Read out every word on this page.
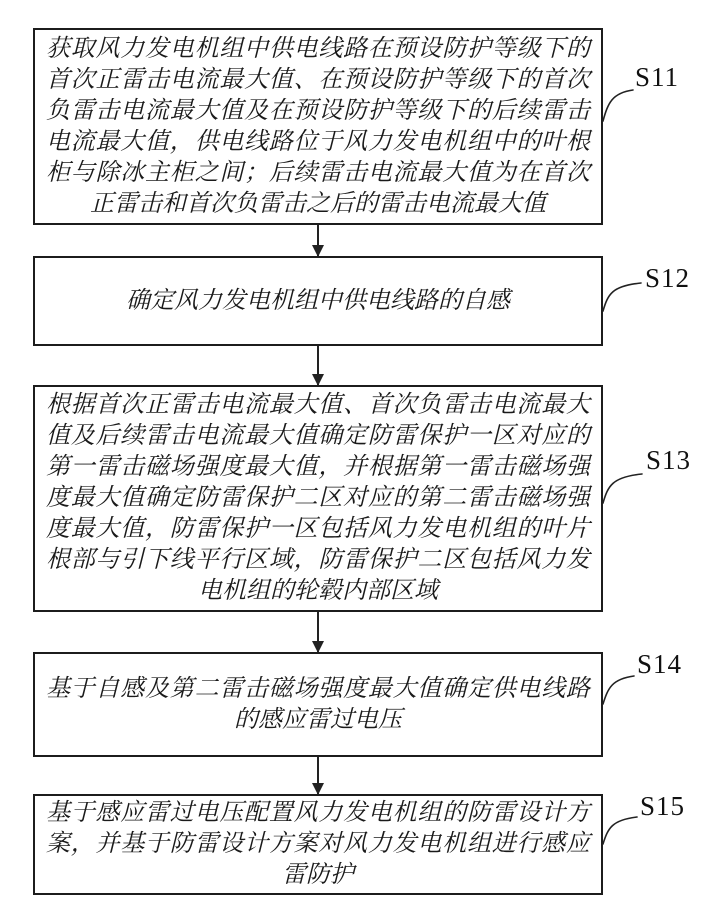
获取风力发电机组中供电线路在预设防护等级下的首次正雷击电流最大值、在预设防护等级下的首次负雷击电流最大值及在预设防护等级下的后续雷击电流最大值，供电线路位于风力发电机组中的叶根柜与除冰主柜之间；后续雷击电流最大值为在首次正雷击和首次负雷击之后的雷击电流最大值
确定风力发电机组中供电线路的自感
根据首次正雷击电流最大值、首次负雷击电流最大值及后续雷击电流最大值确定防雷保护一区对应的第一雷击磁场强度最大值，并根据第一雷击磁场强度最大值确定防雷保护二区对应的第二雷击磁场强度最大值，防雷保护一区包括风力发电机组的叶片根部与引下线平行区域，防雷保护二区包括风力发电机组的轮毂内部区域
基于自感及第二雷击磁场强度最大值确定供电线路的感应雷过电压
基于感应雷过电压配置风力发电机组的防雷设计方案，并基于防雷设计方案对风力发电机组进行感应雷防护
S11
S12
S13
S14
S15
